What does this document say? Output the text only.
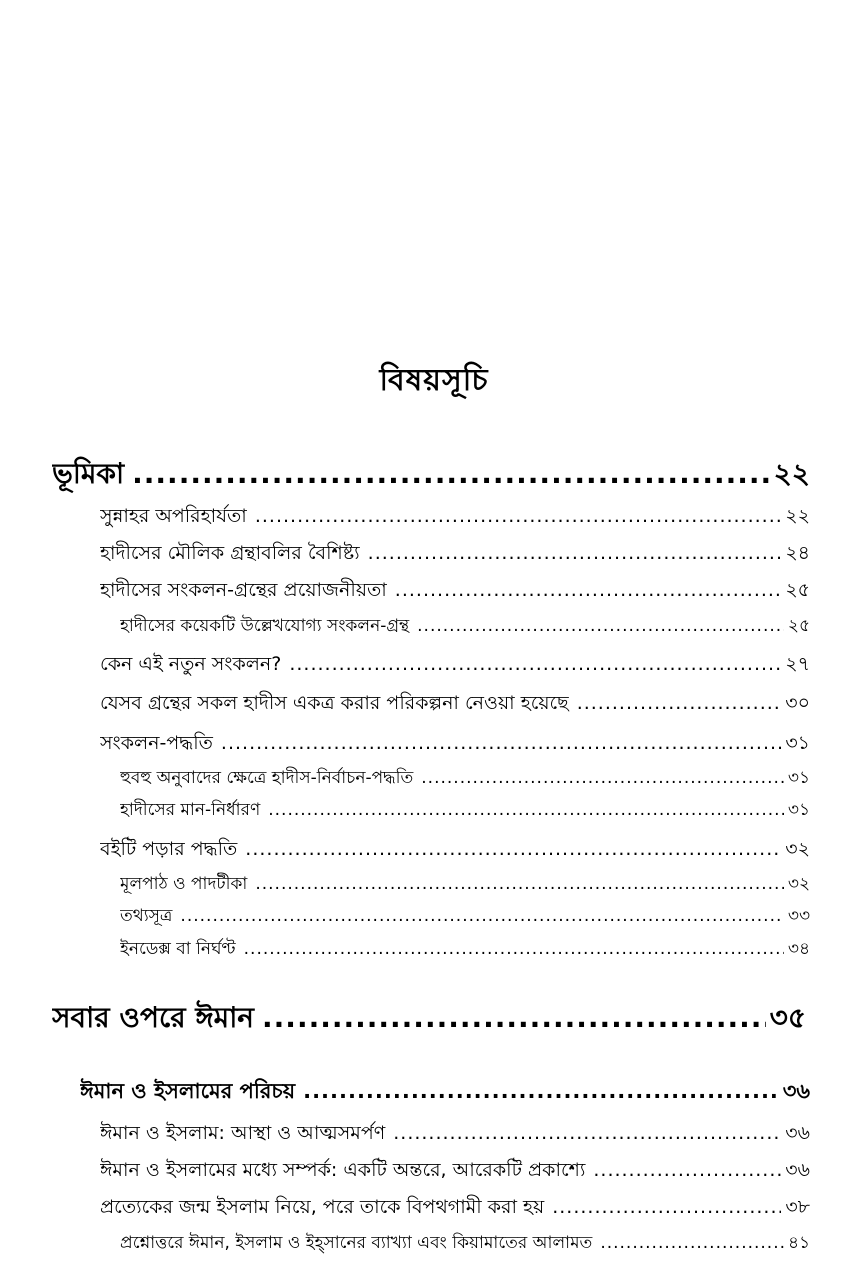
বিষয়সূচি
ভূমিকা .....	২২
সুন্নাহর অপরিহার্যতা .....	২২
হাদীসের মৌলিক গ্রন্থাবলির বৈশিষ্ট্য .....	২৪
হাদীসের সংকলন-গ্রন্থের প্রয়োজনীয়তা .....	২৫
হাদীসের কয়েকটি উল্লেখযোগ্য সংকলন-গ্রন্থ .....	২৫
কেন এই নতুন সংকলন? .....	২৭
যেসব গ্রন্থের সকল হাদীস একত্র করার পরিকল্পনা নেওয়া হয়েছে .....	৩০
সংকলন-পদ্ধতি .....	৩১
হুবহু অনুবাদের ক্ষেত্রে হাদীস-নির্বাচন-পদ্ধতি .....	৩১
হাদীসের মান-নির্ধারণ .....	৩১
বইটি পড়ার পদ্ধতি .....	৩২
মূলপাঠ ও পাদটীকা .....	৩২
তথ্যসূত্র .....	৩৩
ইনডেক্স বা নির্ঘণ্ট .....	৩৪
সবার ওপরে ঈমান .....	৩৫
ঈমান ও ইসলামের পরিচয় .....	৩৬
ঈমান ও ইসলাম: আস্থা ও আত্মসমর্পণ .....	৩৬
ঈমান ও ইসলামের মধ্যে সম্পর্ক: একটি অন্তরে, আরেকটি প্রকাশ্যে .....	৩৬
প্রত্যেকের জন্ম ইসলাম নিয়ে, পরে তাকে বিপথগামী করা হয় .....	৩৮
প্রশ্নোত্তরে ঈমান, ইসলাম ও ইহ্সানের ব্যাখ্যা এবং কিয়ামাতের আলামত .....	৪১
